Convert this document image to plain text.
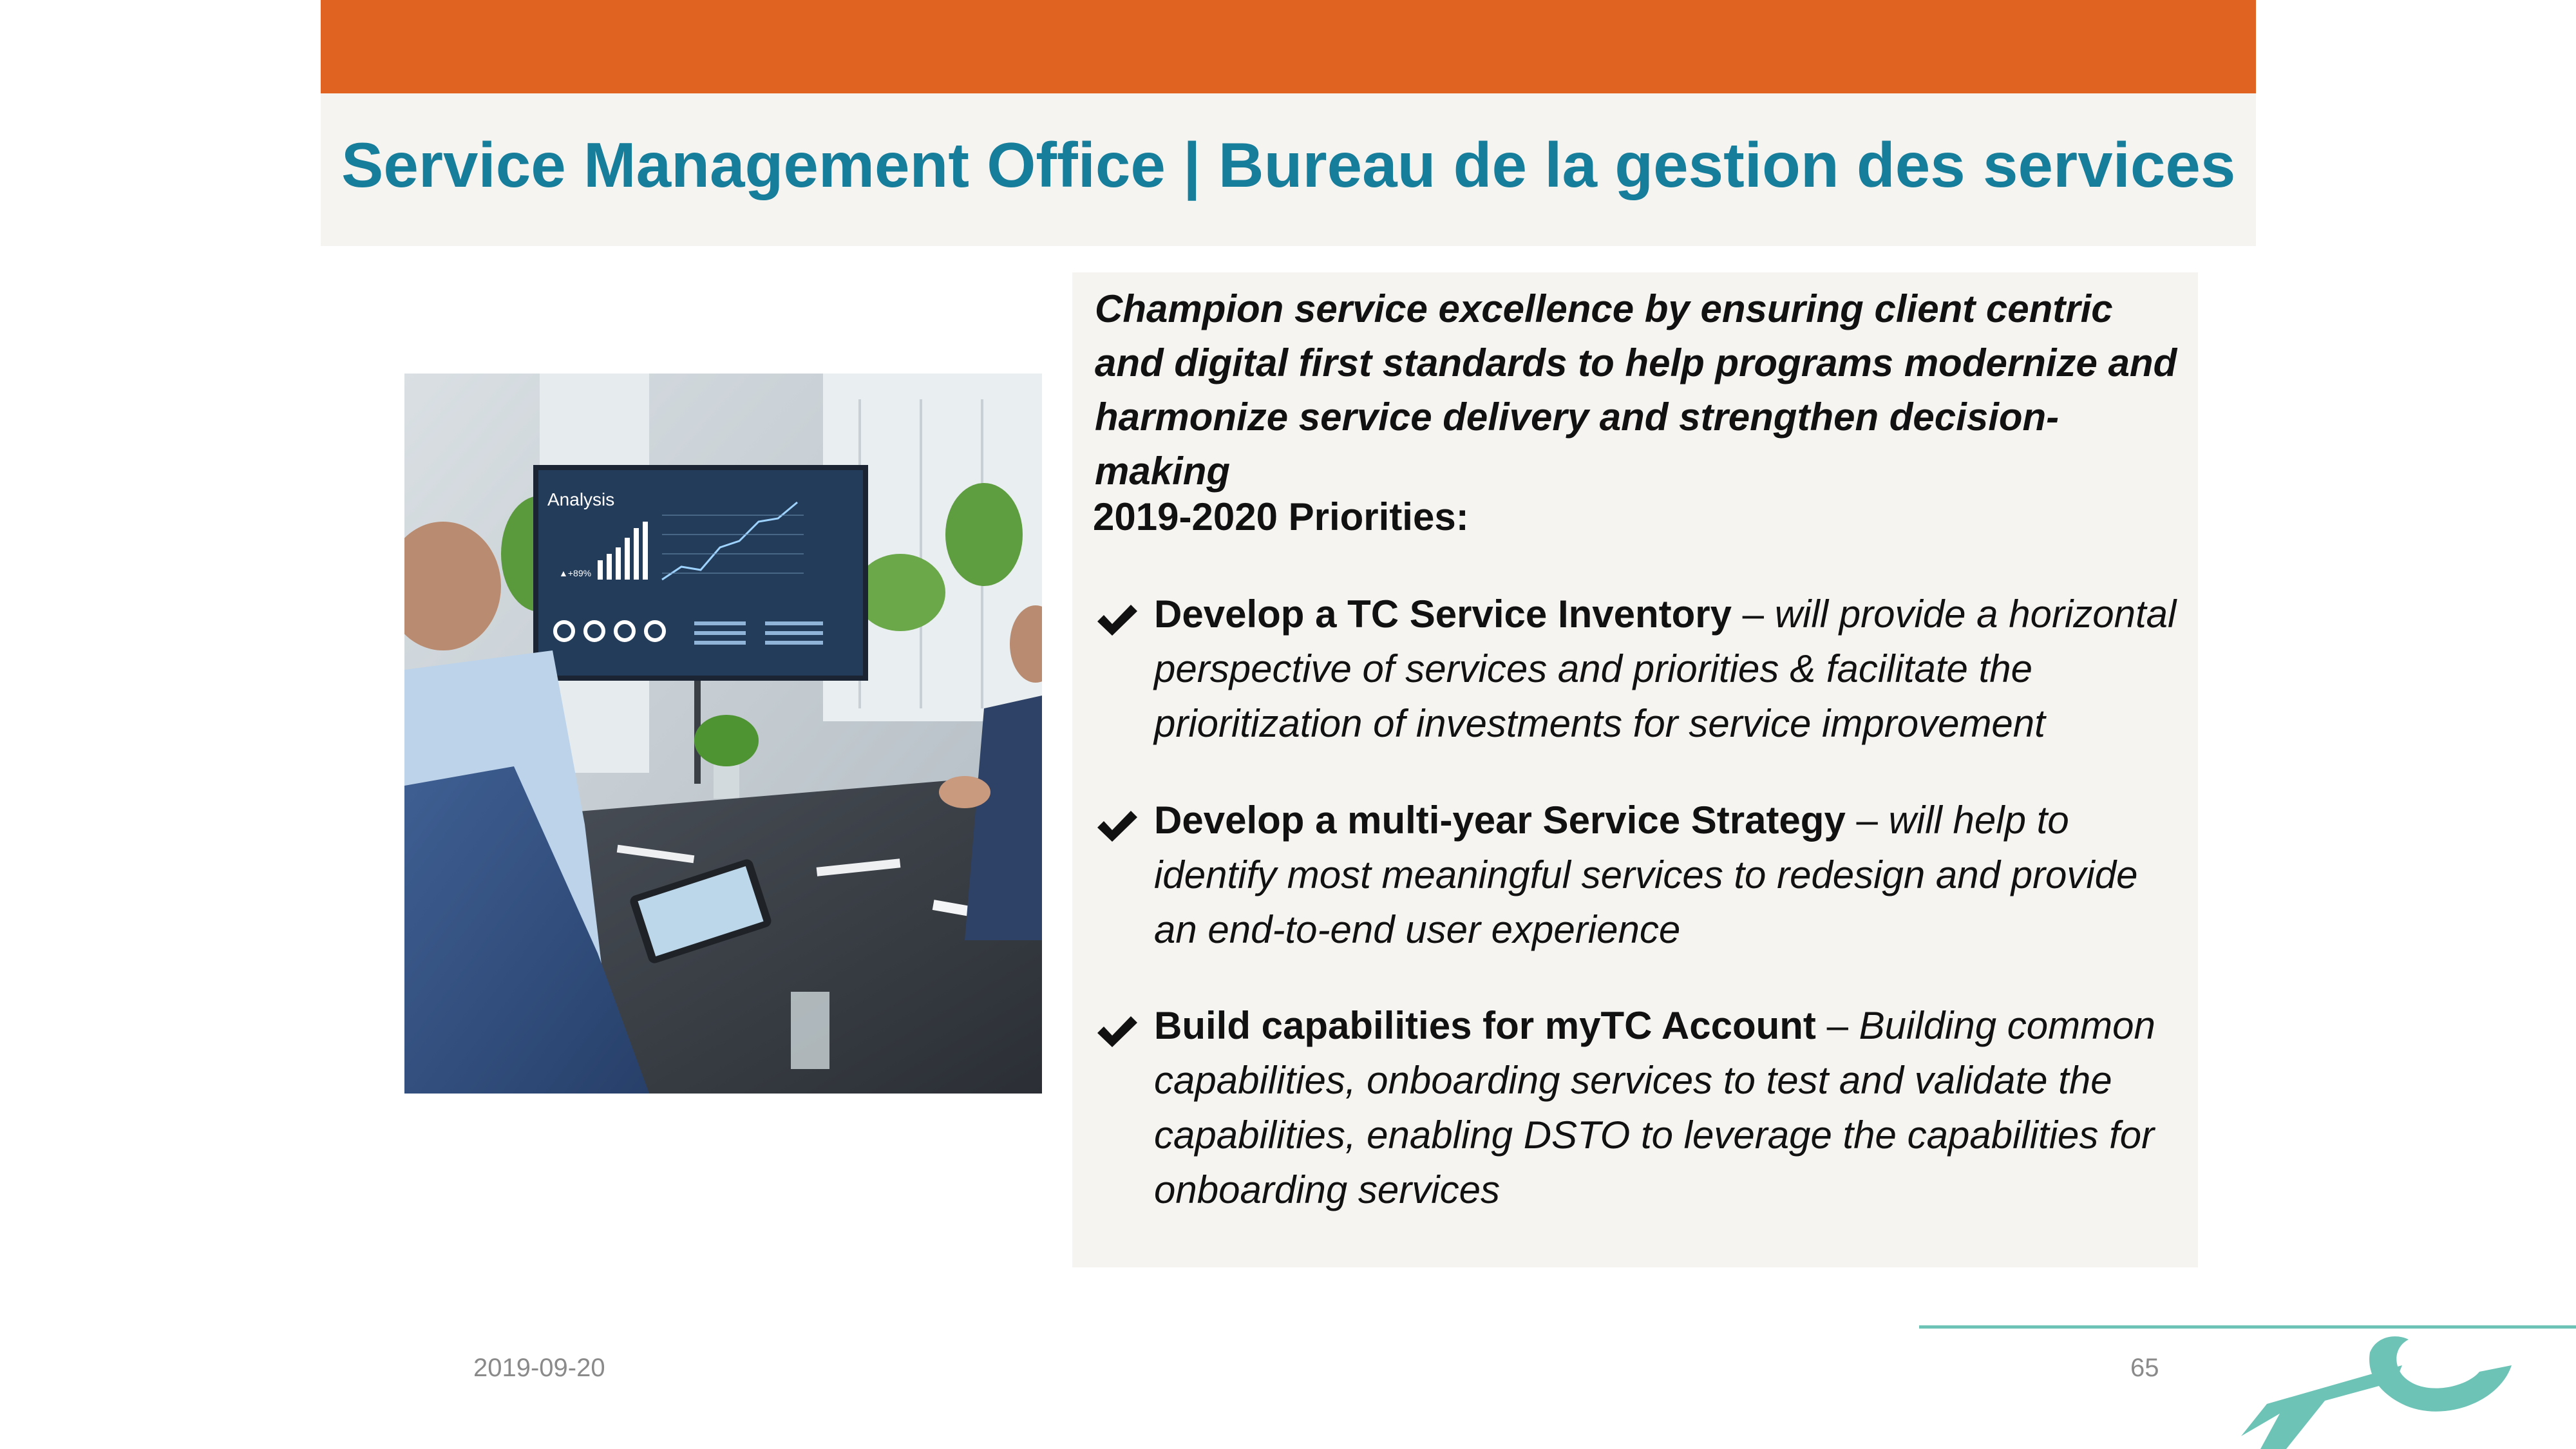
Service Management Office | Bureau de la gestion des services
Analysis
▲+89%

Champion service excellence by ensuring client centric and digital first standards to help programs modernize and harmonize service delivery and strengthen decision-making

2019-2020 Priorities:

Develop a TC Service Inventory – will provide a horizontal perspective of services and priorities & facilitate the prioritization of investments for service improvement

Develop a multi-year Service Strategy – will help to identify most meaningful services to redesign and provide an end-to-end user experience

Build capabilities for myTC Account – Building common capabilities, onboarding services to test and validate the capabilities, enabling DSTO to leverage the capabilities for onboarding services

2019-09-20	65
